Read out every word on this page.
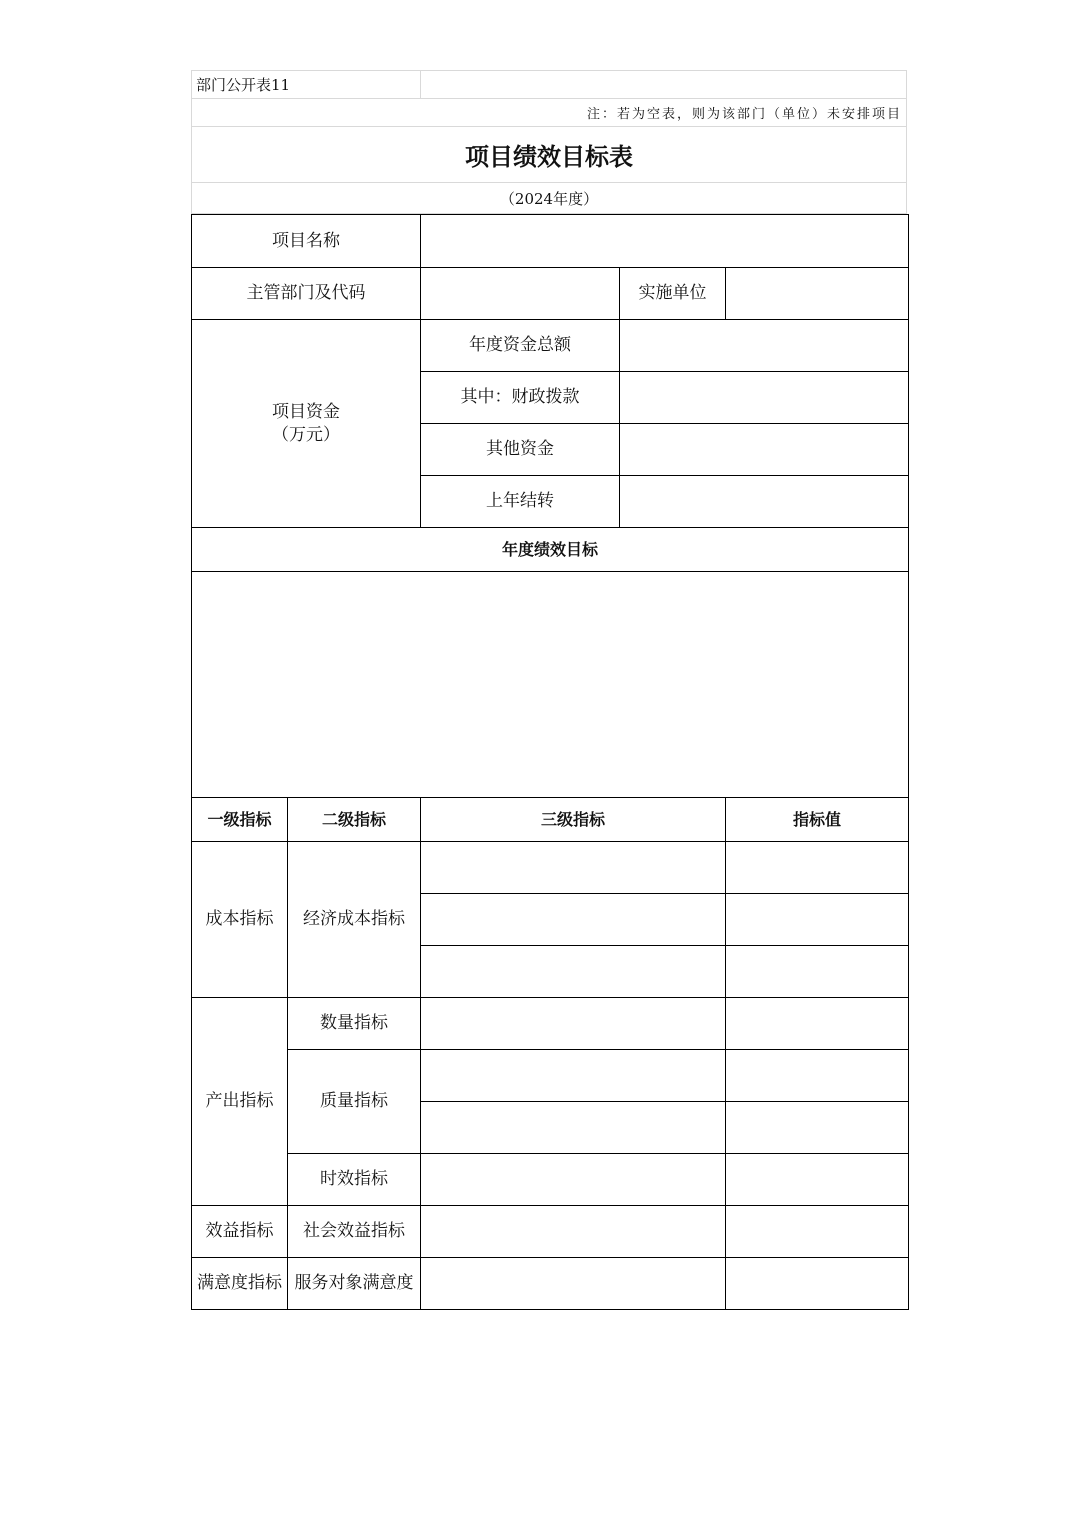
部门公开表11
注：若为空表，则为该部门（单位）未安排项目
项目绩效目标表
（2024年度）
项目名称				
主管部门及代码			实施单位	
项目资金
（万元）		年度资金总额		
		其中：财政拨款		
		其他资金		
		上年结转		
年度绩效目标				

一级指标	二级指标	三级指标		指标值
成本指标	经济成本指标			

产出指标	数量指标			
	质量指标			

	时效指标			
效益指标	社会效益指标			
满意度指标	服务对象满意度			
